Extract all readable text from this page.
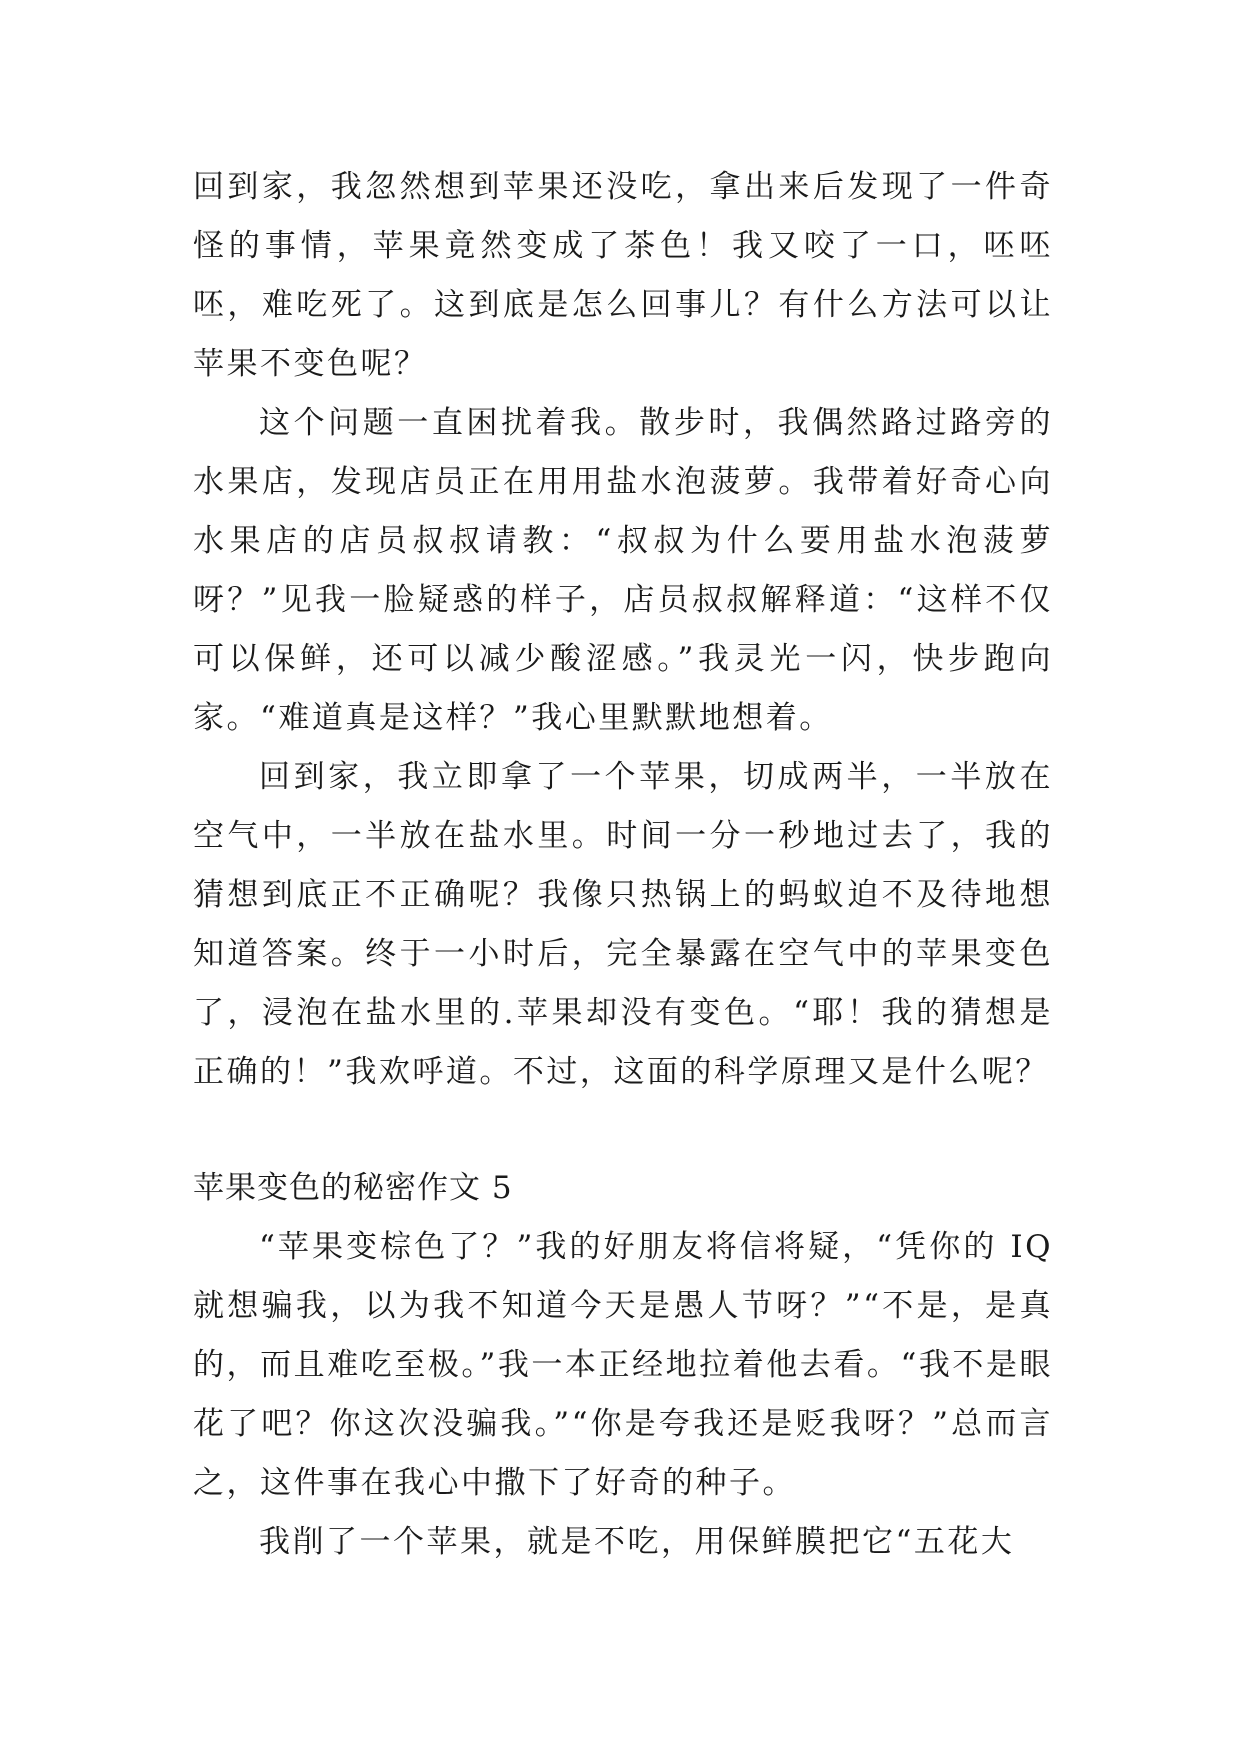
回到家，我忽然想到苹果还没吃，拿出来后发现了一件奇怪的事情，苹果竟然变成了茶色！我又咬了一口，呸呸呸，难吃死了。这到底是怎么回事儿？有什么方法可以让苹果不变色呢？

这个问题一直困扰着我。散步时，我偶然路过路旁的水果店，发现店员正在用用盐水泡菠萝。我带着好奇心向水果店的店员叔叔请教：“叔叔为什么要用盐水泡菠萝呀？”见我一脸疑惑的样子，店员叔叔解释道：“这样不仅可以保鲜，还可以减少酸涩感。”我灵光一闪，快步跑向家。“难道真是这样？”我心里默默地想着。

回到家，我立即拿了一个苹果，切成两半，一半放在空气中，一半放在盐水里。时间一分一秒地过去了，我的猜想到底正不正确呢？我像只热锅上的蚂蚁迫不及待地想知道答案。终于一小时后，完全暴露在空气中的苹果变色了，浸泡在盐水里的.苹果却没有变色。“耶！我的猜想是正确的！”我欢呼道。不过，这面的科学原理又是什么呢？

苹果变色的秘密作文 5

“苹果变棕色了？”我的好朋友将信将疑，“凭你的 IQ 就想骗我，以为我不知道今天是愚人节呀？”“不是，是真的，而且难吃至极。”我一本正经地拉着他去看。“我不是眼花了吧？你这次没骗我。”“你是夸我还是贬我呀？”总而言之，这件事在我心中撒下了好奇的种子。

我削了一个苹果，就是不吃，用保鲜膜把它“五花大
